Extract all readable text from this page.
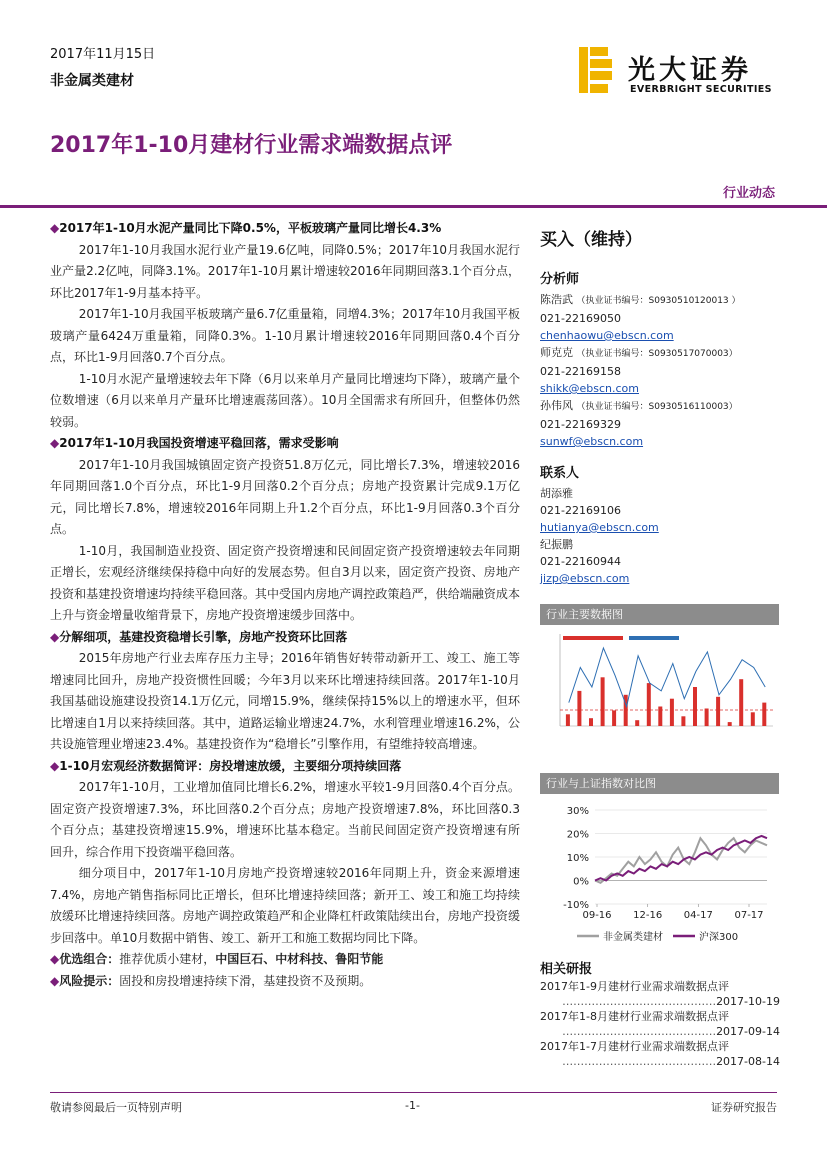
2017年11月15日
非金属类建材	光大证券
EVERBRIGHT SECURITIES
2017年1-10月建材行业需求端数据点评
行业动态
◆2017年1-10月水泥产量同比下降0.5%，平板玻璃产量同比增长4.3%
2017年1-10月我国水泥行业产量19.6亿吨，同降0.5%；2017年10月我国水泥行业产量2.2亿吨，同降3.1%。2017年1-10月累计增速较2016年同期回落3.1个百分点，环比2017年1-9月基本持平。
2017年1-10月我国平板玻璃产量6.7亿重量箱，同增4.3%；2017年10月我国平板玻璃产量6424万重量箱，同降0.3%。1-10月累计增速较2016年同期回落0.4个百分点，环比1-9月回落0.7个百分点。
1-10月水泥产量增速较去年下降（6月以来单月产量同比增速均下降），玻璃产量个位数增速（6月以来单月产量环比增速震荡回落）。10月全国需求有所回升，但整体仍然较弱。
◆2017年1-10月我国投资增速平稳回落，需求受影响
2017年1-10月我国城镇固定资产投资51.8万亿元，同比增长7.3%，增速较2016年同期回落1.0个百分点，环比1-9月回落0.2个百分点；房地产投资累计完成9.1万亿元，同比增长7.8%，增速较2016年同期上升1.2个百分点，环比1-9月回落0.3个百分点。
1-10月，我国制造业投资、固定资产投资增速和民间固定资产投资增速较去年同期正增长，宏观经济继续保持稳中向好的发展态势。但自3月以来，固定资产投资、房地产投资和基建投资增速均持续平稳回落。其中受国内房地产调控政策趋严，供给端融资成本上升与资金增量收缩背景下，房地产投资增速缓步回落中。
◆分解细项，基建投资稳增长引擎，房地产投资环比回落
2015年房地产行业去库存压力主导；2016年销售好转带动新开工、竣工、施工等增速同比回升，房地产投资惯性回暖；今年3月以来环比增速持续回落。2017年1-10月我国基础设施建设投资14.1万亿元，同增15.9%，继续保持15%以上的增速水平，但环比增速自1月以来持续回落。其中，道路运输业增速24.7%，水利管理业增速16.2%，公共设施管理业增速23.4%。基建投资作为“稳增长”引擎作用，有望维持较高增速。
◆1-10月宏观经济数据简评：房投增速放缓，主要细分项持续回落
2017年1-10月，工业增加值同比增长6.2%，增速水平较1-9月回落0.4个百分点。固定资产投资增速7.3%，环比回落0.2个百分点；房地产投资增速7.8%，环比回落0.3个百分点；基建投资增速15.9%，增速环比基本稳定。当前民间固定资产投资增速有所回升，综合作用下投资端平稳回落。
细分项目中，2017年1-10月房地产投资增速较2016年同期上升，资金来源增速7.4%，房地产销售指标同比正增长，但环比增速持续回落；新开工、竣工和施工均持续放缓环比增速持续回落。房地产调控政策趋严和企业降杠杆政策陆续出台，房地产投资缓步回落中。单10月数据中销售、竣工、新开工和施工数据均同比下降。
◆优选组合：推荐优质小建材，中国巨石、中材科技、鲁阳节能
◆风险提示：固投和房投增速持续下滑，基建投资不及预期。
买入（维持）
分析师
陈浩武 （执业证书编号：S0930510120013 ）
021-22169050
chenhaowu@ebscn.com
师克克 （执业证书编号：S0930517070003）
021-22169158
shikk@ebscn.com
孙伟风 （执业证书编号：S0930516110003）
021-22169329
sunwf@ebscn.com
联系人
胡添雅
021-22169106
hutianya@ebscn.com
纪振鹏
021-22160944
jizp@ebscn.com
行业主要数据图
行业与上证指数对比图
30%
20%
10%
0%
-10%
09-16 12-16 04-17 07-17
非金属类建材	沪深300
相关研报
2017年1-9月建材行业需求端数据点评
……………………………………2017-10-19
2017年1-8月建材行业需求端数据点评
……………………………………2017-09-14
2017年1-7月建材行业需求端数据点评
……………………………………2017-08-14
敬请参阅最后一页特别声明	-1-	证券研究报告
